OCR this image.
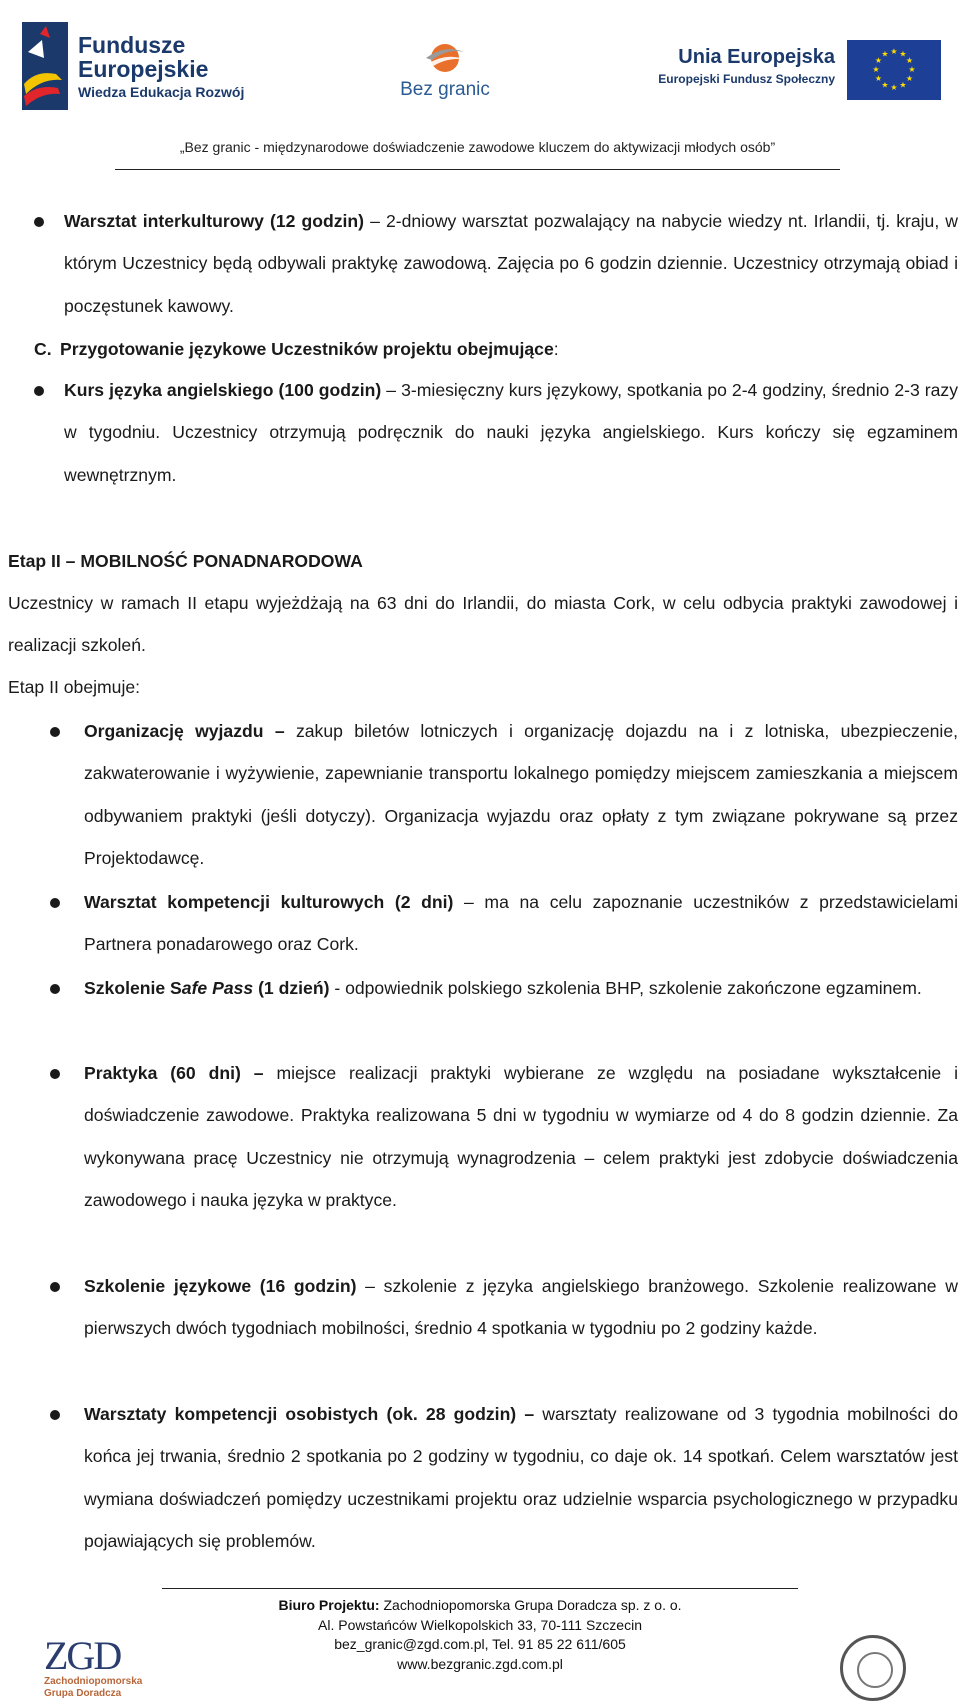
Fundusze
Europejskie
Wiedza Edukacja Rozwój	Bez granic
Unia Europejska
Europejski Fundusz Społeczny
★ ★
★
★
★
★
★
★
★
★
★
★
„Bez granic - międzynarodowe doświadczenie zawodowe kluczem do aktywizacji młodych osób”
Warsztat interkulturowy (12 godzin) – 2-dniowy warsztat pozwalający na nabycie wiedzy nt. Irlandii, tj. kraju, w którym Uczestnicy będą odbywali praktykę zawodową. Zajęcia po 6 godzin dziennie. Uczestnicy otrzymają obiad i poczęstunek kawowy.
C. Przygotowanie językowe Uczestników projektu obejmujące:
Kurs języka angielskiego (100 godzin) – 3-miesięczny kurs językowy, spotkania po 2-4 godziny, średnio 2-3 razy w tygodniu. Uczestnicy otrzymują podręcznik do nauki języka angielskiego. Kurs kończy się egzaminem wewnętrznym.
Etap II – MOBILNOŚĆ PONADNARODOWA
Uczestnicy w ramach II etapu wyjeżdżają na 63 dni do Irlandii, do miasta Cork, w celu odbycia praktyki zawodowej i realizacji szkoleń.
Etap II obejmuje:
Organizację wyjazdu – zakup biletów lotniczych i organizację dojazdu na i z lotniska, ubezpieczenie, zakwaterowanie i wyżywienie, zapewnianie transportu lokalnego pomiędzy miejscem zamieszkania a miejscem odbywaniem praktyki (jeśli dotyczy). Organizacja wyjazdu oraz opłaty z tym związane pokrywane są przez Projektodawcę.
Warsztat kompetencji kulturowych (2 dni) – ma na celu zapoznanie uczestników z przedstawicielami Partnera ponadarowego oraz Cork.
Szkolenie Safe Pass (1 dzień) - odpowiednik polskiego szkolenia BHP, szkolenie zakończone egzaminem.
Praktyka (60 dni) – miejsce realizacji praktyki wybierane ze względu na posiadane wykształcenie i doświadczenie zawodowe. Praktyka realizowana 5 dni w tygodniu w wymiarze od 4 do 8 godzin dziennie. Za wykonywana pracę Uczestnicy nie otrzymują wynagrodzenia – celem praktyki jest zdobycie doświadczenia zawodowego i nauka języka w praktyce.
Szkolenie językowe (16 godzin) – szkolenie z języka angielskiego branżowego. Szkolenie realizowane w pierwszych dwóch tygodniach mobilności, średnio 4 spotkania w tygodniu po 2 godziny każde.
Warsztaty kompetencji osobistych (ok. 28 godzin) – warsztaty realizowane od 3 tygodnia mobilności do końca jej trwania, średnio 2 spotkania po 2 godziny w tygodniu, co daje ok. 14 spotkań. Celem warsztatów jest wymiana doświadczeń pomiędzy uczestnikami projektu oraz udzielnie wsparcia psychologicznego w przypadku pojawiających się problemów.
ZGD
Zachodniopomorska
Grupa Doradcza
Biuro Projektu: Zachodniopomorska Grupa Doradcza sp. z o. o.
Al. Powstańców Wielkopolskich 33, 70-111 Szczecin
bez_granic@zgd.com.pl, Tel. 91 85 22 611/605
www.bezgranic.zgd.com.pl
